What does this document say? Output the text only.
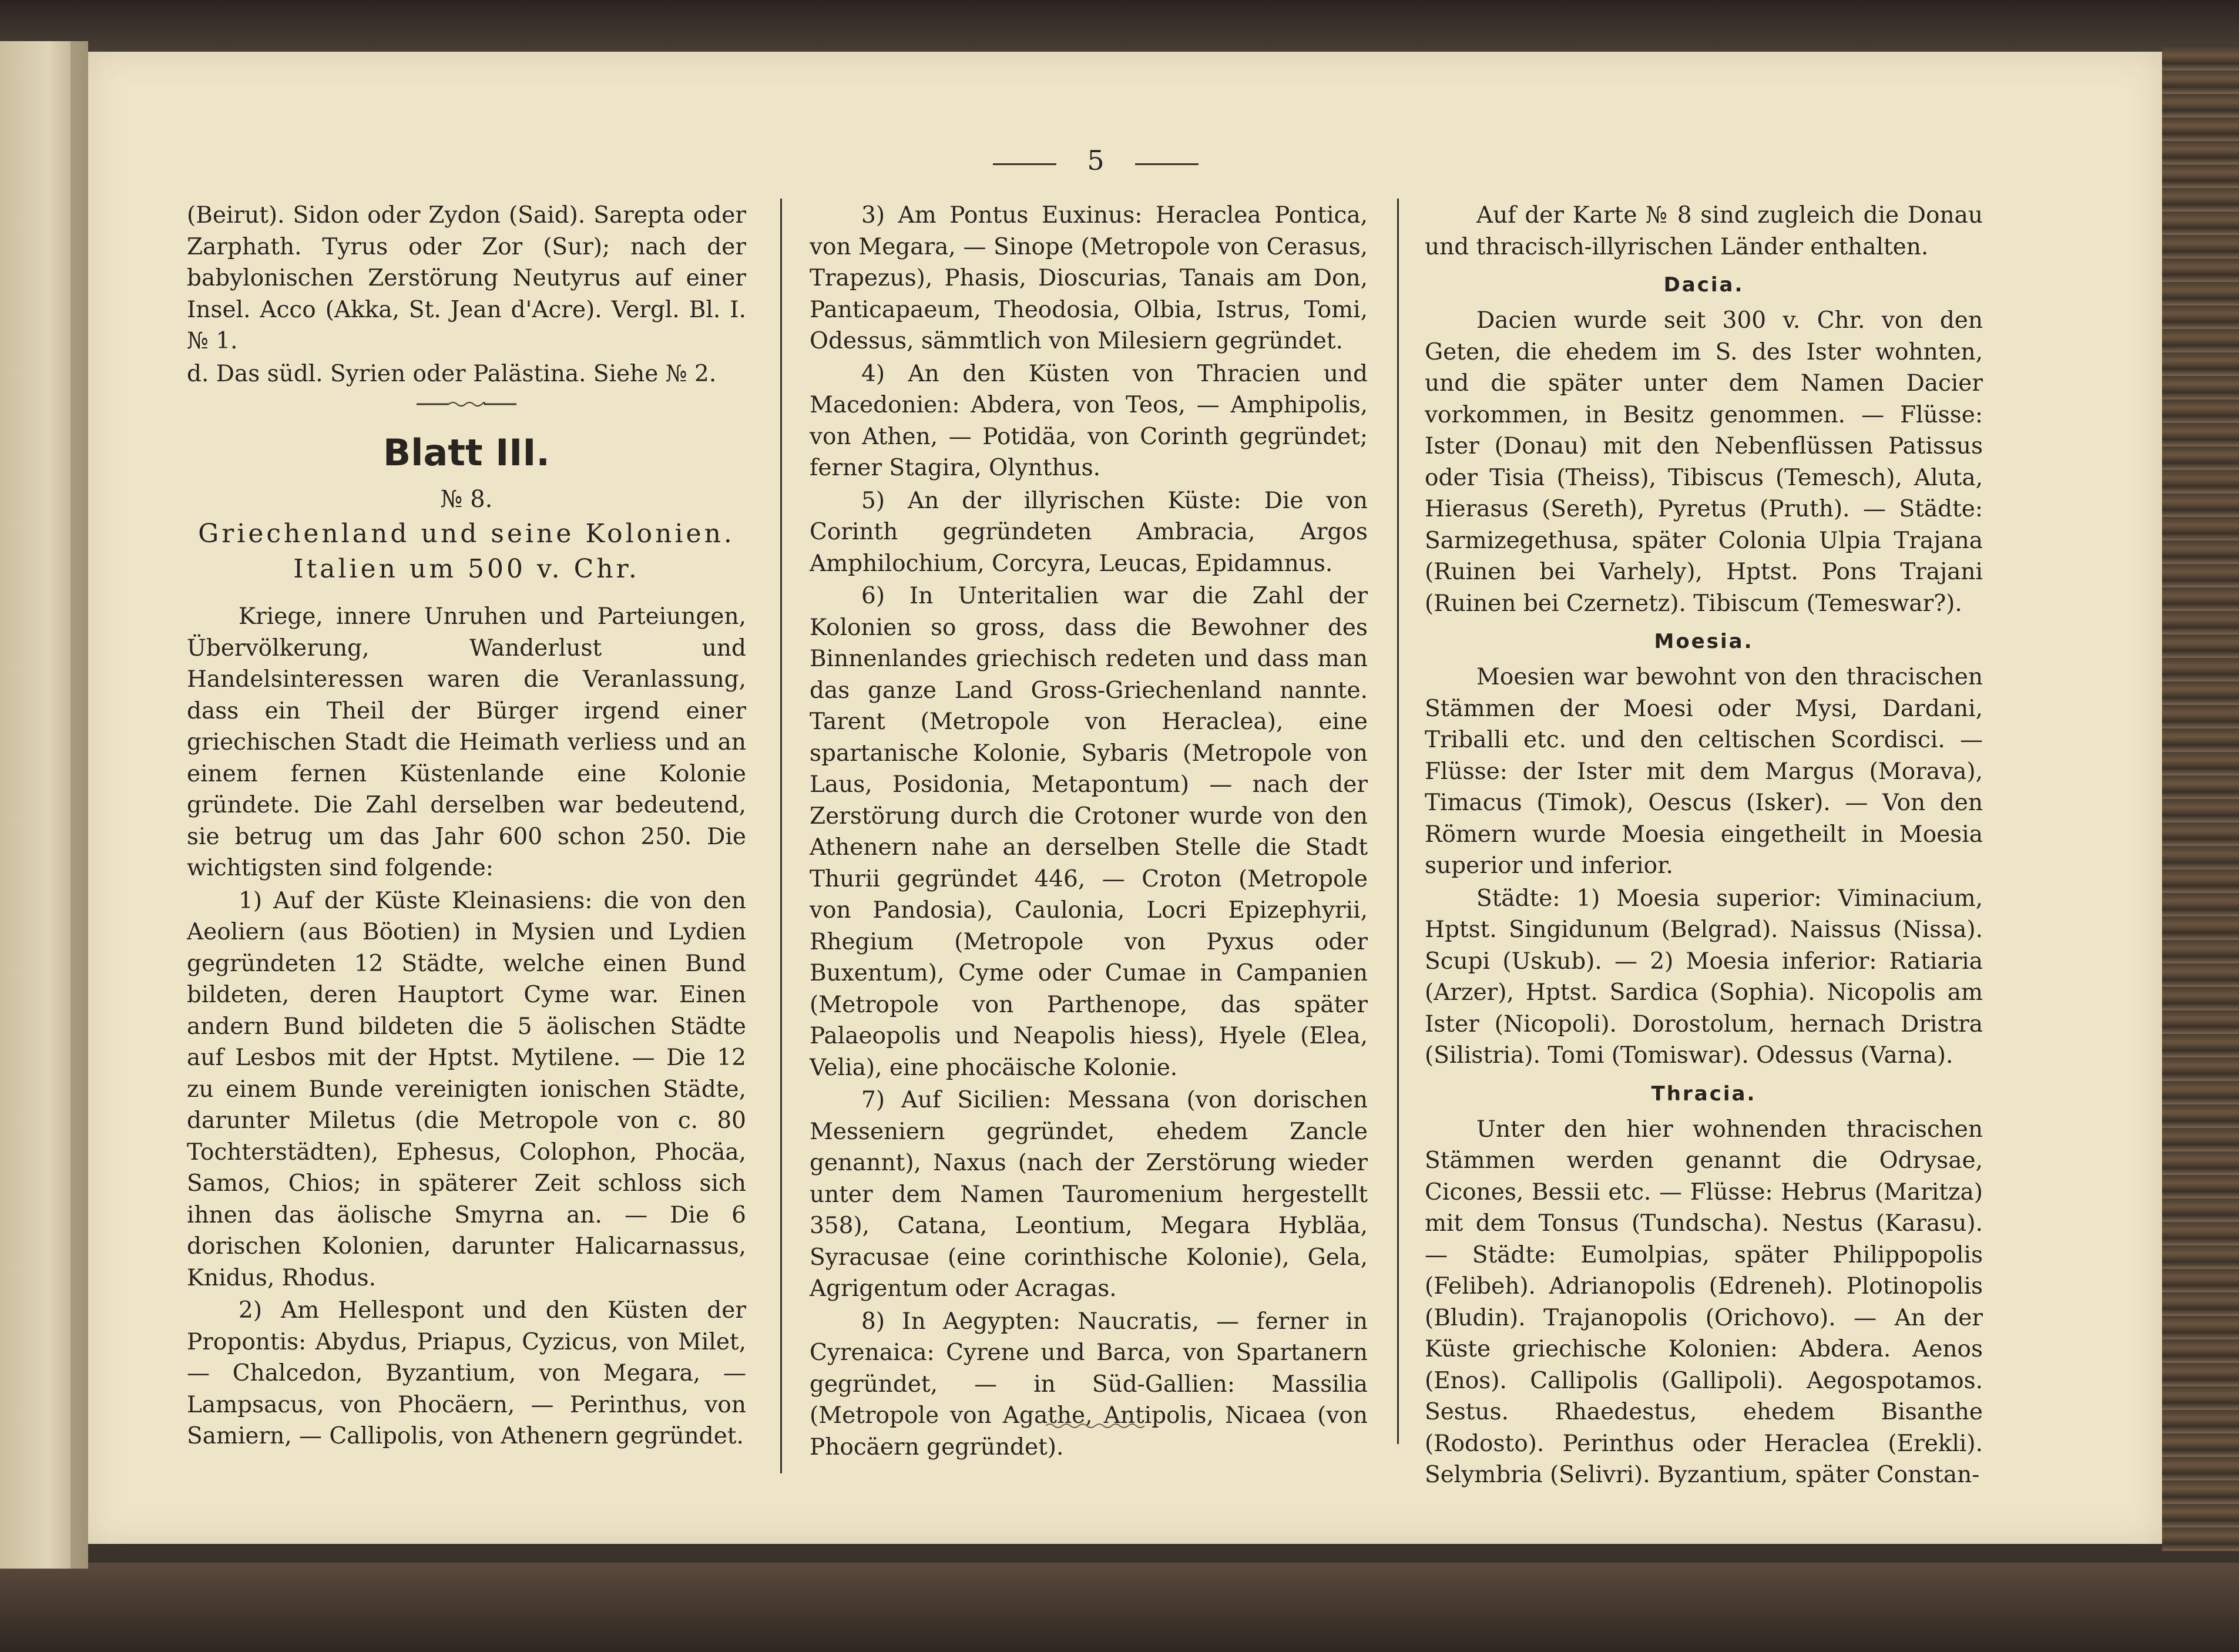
5

(Beirut). Sidon oder Zydon (Said). Sarepta oder Zarphath. Tyrus oder Zor (Sur); nach der babylonischen Zerstörung Neutyrus auf einer Insel. Acco (Akka, St. Jean d'Acre). Vergl. Bl. I. № 1.

d. Das südl. Syrien oder Palästina. Siehe № 2.

Blatt III.
№ 8.
Griechenland und seine Kolonien.
Italien um 500 v. Chr.

Kriege, innere Unruhen und Parteiungen, Übervölkerung, Wanderlust und Handelsinteressen waren die Veranlassung, dass ein Theil der Bürger irgend einer griechischen Stadt die Heimath verliess und an einem fernen Küstenlande eine Kolonie gründete. Die Zahl derselben war bedeutend, sie betrug um das Jahr 600 schon 250. Die wichtigsten sind folgende:

1) Auf der Küste Kleinasiens: die von den Aeoliern (aus Böotien) in Mysien und Lydien gegründeten 12 Städte, welche einen Bund bildeten, deren Hauptort Cyme war. Einen andern Bund bildeten die 5 äolischen Städte auf Lesbos mit der Hptst. Mytilene. — Die 12 zu einem Bunde vereinigten ionischen Städte, darunter Miletus (die Metropole von c. 80 Tochterstädten), Ephesus, Colophon, Phocäa, Samos, Chios; in späterer Zeit schloss sich ihnen das äolische Smyrna an. — Die 6 dorischen Kolonien, darunter Halicarnassus, Knidus, Rhodus.

2) Am Hellespont und den Küsten der Propontis: Abydus, Priapus, Cyzicus, von Milet, — Chalcedon, Byzantium, von Megara, — Lampsacus, von Phocäern, — Perinthus, von Samiern, — Callipolis, von Athenern gegründet.

3) Am Pontus Euxinus: Heraclea Pontica, von Megara, — Sinope (Metropole von Cerasus, Trapezus), Phasis, Dioscurias, Tanais am Don, Panticapaeum, Theodosia, Olbia, Istrus, Tomi, Odessus, sämmtlich von Milesiern gegründet.

4) An den Küsten von Thracien und Macedonien: Abdera, von Teos, — Amphipolis, von Athen, — Potidäa, von Corinth gegründet; ferner Stagira, Olynthus.

5) An der illyrischen Küste: Die von Corinth gegründeten Ambracia, Argos Amphilochium, Corcyra, Leucas, Epidamnus.

6) In Unteritalien war die Zahl der Kolonien so gross, dass die Bewohner des Binnenlandes griechisch redeten und dass man das ganze Land Gross-Griechenland nannte. Tarent (Metropole von Heraclea), eine spartanische Kolonie, Sybaris (Metropole von Laus, Posidonia, Metapontum) — nach der Zerstörung durch die Crotoner wurde von den Athenern nahe an derselben Stelle die Stadt Thurii gegründet 446, — Croton (Metropole von Pandosia), Caulonia, Locri Epizephyrii, Rhegium (Metropole von Pyxus oder Buxentum), Cyme oder Cumae in Campanien (Metropole von Parthenope, das später Palaeopolis und Neapolis hiess), Hyele (Elea, Velia), eine phocäische Kolonie.

7) Auf Sicilien: Messana (von dorischen Messeniern gegründet, ehedem Zancle genannt), Naxus (nach der Zerstörung wieder unter dem Namen Tauromenium hergestellt 358), Catana, Leontium, Megara Hybläa, Syracusae (eine corinthische Kolonie), Gela, Agrigentum oder Acragas.

8) In Aegypten: Naucratis, — ferner in Cyrenaica: Cyrene und Barca, von Spartanern gegründet, — in Süd-Gallien: Massilia (Metropole von Agathe, Antipolis, Nicaea (von Phocäern gegründet).

Auf der Karte № 8 sind zugleich die Donau und thracisch-illyrischen Länder enthalten.

Dacia.

Dacien wurde seit 300 v. Chr. von den Geten, die ehedem im S. des Ister wohnten, und die später unter dem Namen Dacier vorkommen, in Besitz genommen. — Flüsse: Ister (Donau) mit den Nebenflüssen Patissus oder Tisia (Theiss), Tibiscus (Temesch), Aluta, Hierasus (Sereth), Pyretus (Pruth). — Städte: Sarmizegethusa, später Colonia Ulpia Trajana (Ruinen bei Varhely), Hptst. Pons Trajani (Ruinen bei Czernetz). Tibiscum (Temeswar?).

Moesia.

Moesien war bewohnt von den thracischen Stämmen der Moesi oder Mysi, Dardani, Triballi etc. und den celtischen Scordisci. — Flüsse: der Ister mit dem Margus (Morava), Timacus (Timok), Oescus (Isker). — Von den Römern wurde Moesia eingetheilt in Moesia superior und inferior.

Städte: 1) Moesia superior: Viminacium, Hptst. Singidunum (Belgrad). Naissus (Nissa). Scupi (Uskub). — 2) Moesia inferior: Ratiaria (Arzer), Hptst. Sardica (Sophia). Nicopolis am Ister (Nicopoli). Dorostolum, hernach Dristra (Silistria). Tomi (Tomiswar). Odessus (Varna).

Thracia.

Unter den hier wohnenden thracischen Stämmen werden genannt die Odrysae, Cicones, Bessii etc. — Flüsse: Hebrus (Maritza) mit dem Tonsus (Tundscha). Nestus (Karasu). — Städte: Eumolpias, später Philippopolis (Felibeh). Adrianopolis (Edreneh). Plotinopolis (Bludin). Trajanopolis (Orichovo). — An der Küste griechische Kolonien: Abdera. Aenos (Enos). Callipolis (Gallipoli). Aegospotamos. Sestus. Rhaedestus, ehedem Bisanthe (Rodosto). Perinthus oder Heraclea (Erekli). Selymbria (Selivri). Byzantium, später Constan-
